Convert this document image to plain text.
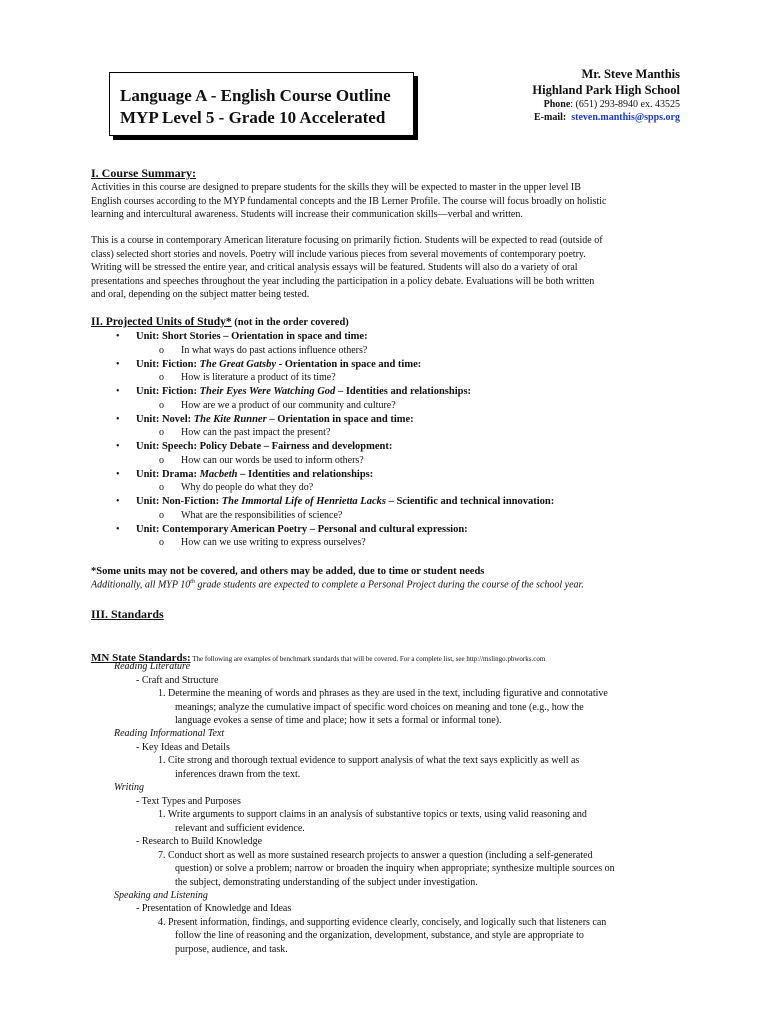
Language A - English Course Outline
MYP Level 5 - Grade 10 Accelerated
Mr. Steve Manthis
Highland Park High School
Phone: (651) 293-8940 ex. 43525
E-mail: steven.manthis@spps.org
I. Course Summary:
Activities in this course are designed to prepare students for the skills they will be expected to master in the upper level IB
English courses according to the MYP fundamental concepts and the IB Lerner Profile. The course will focus broadly on holistic
learning and intercultural awareness. Students will increase their communication skills—verbal and written.
This is a course in contemporary American literature focusing on primarily fiction. Students will be expected to read (outside of
class) selected short stories and novels. Poetry will include various pieces from several movements of contemporary poetry.
Writing will be stressed the entire year, and critical analysis essays will be featured. Students will also do a variety of oral
presentations and speeches throughout the year including the participation in a policy debate. Evaluations will be both written
and oral, depending on the subject matter being tested.
II. Projected Units of Study* (not in the order covered)
• Unit: Short Stories – Orientation in space and time:
o In what ways do past actions influence others?
• Unit: Fiction: The Great Gatsby - Orientation in space and time:
o How is literature a product of its time?
• Unit: Fiction: Their Eyes Were Watching God – Identities and relationships:
o How are we a product of our community and culture?
• Unit: Novel: The Kite Runner – Orientation in space and time:
o How can the past impact the present?
• Unit: Speech: Policy Debate – Fairness and development:
o How can our words be used to inform others?
• Unit: Drama: Macbeth – Identities and relationships:
o Why do people do what they do?
• Unit: Non-Fiction: The Immortal Life of Henrietta Lacks – Scientific and technical innovation:
o What are the responsibilities of science?
• Unit: Contemporary American Poetry – Personal and cultural expression:
o How can we use writing to express ourselves?
*Some units may not be covered, and others may be added, due to time or student needs
Additionally, all MYP 10th grade students are expected to complete a Personal Project during the course of the school year.
III. Standards
MN State Standards: The following are examples of benchmark standards that will be covered. For a complete list, see http://mslingo.pbworks.com
Reading Literature
- Craft and Structure
1. Determine the meaning of words and phrases as they are used in the text, including figurative and connotative
meanings; analyze the cumulative impact of specific word choices on meaning and tone (e.g., how the
language evokes a sense of time and place; how it sets a formal or informal tone).
Reading Informational Text
- Key Ideas and Details
1. Cite strong and thorough textual evidence to support analysis of what the text says explicitly as well as
inferences drawn from the text.
Writing
- Text Types and Purposes
1. Write arguments to support claims in an analysis of substantive topics or texts, using valid reasoning and
relevant and sufficient evidence.
- Research to Build Knowledge
7. Conduct short as well as more sustained research projects to answer a question (including a self-generated
question) or solve a problem; narrow or broaden the inquiry when appropriate; synthesize multiple sources on
the subject, demonstrating understanding of the subject under investigation.
Speaking and Listening
- Presentation of Knowledge and Ideas
4. Present information, findings, and supporting evidence clearly, concisely, and logically such that listeners can
follow the line of reasoning and the organization, development, substance, and style are appropriate to
purpose, audience, and task.
